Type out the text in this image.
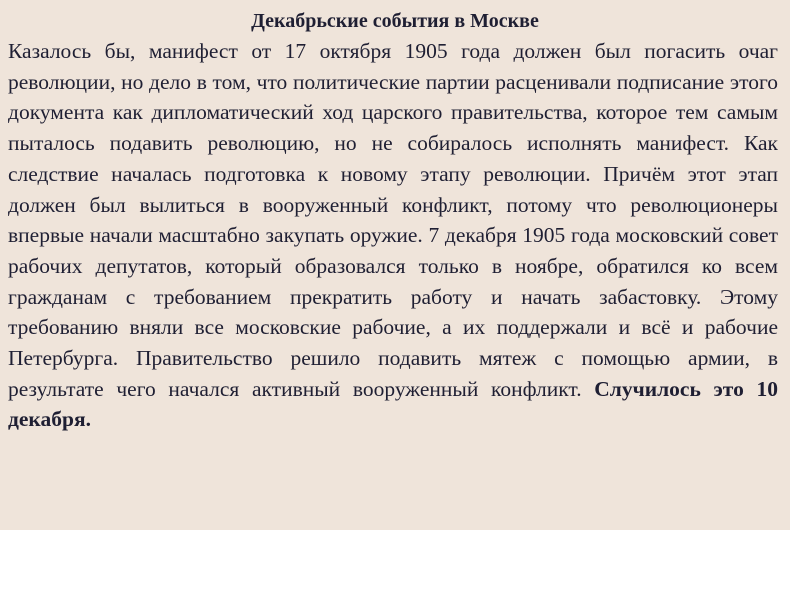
Декабрьские события в Москве

Казалось бы, манифест от 17 октября 1905 года должен был погасить очаг революции, но дело в том, что политические партии расценивали подписание этого документа как дипломатический ход царского правительства, которое тем самым пыталось подавить революцию, но не собиралось исполнять манифест. Как следствие началась подготовка к новому этапу революции. Причём этот этап должен был вылиться в вооруженный конфликт, потому что революционеры впервые начали масштабно закупать оружие. 7 декабря 1905 года московский совет рабочих депутатов, который образовался только в ноябре, обратился ко всем гражданам с требованием прекратить работу и начать забастовку. Этому требованию вняли все московские рабочие, а их поддержали и всё и рабочие Петербурга. Правительство решило подавить мятеж с помощью армии, в результате чего начался активный вооруженный конфликт. Случилось это 10 декабря.
